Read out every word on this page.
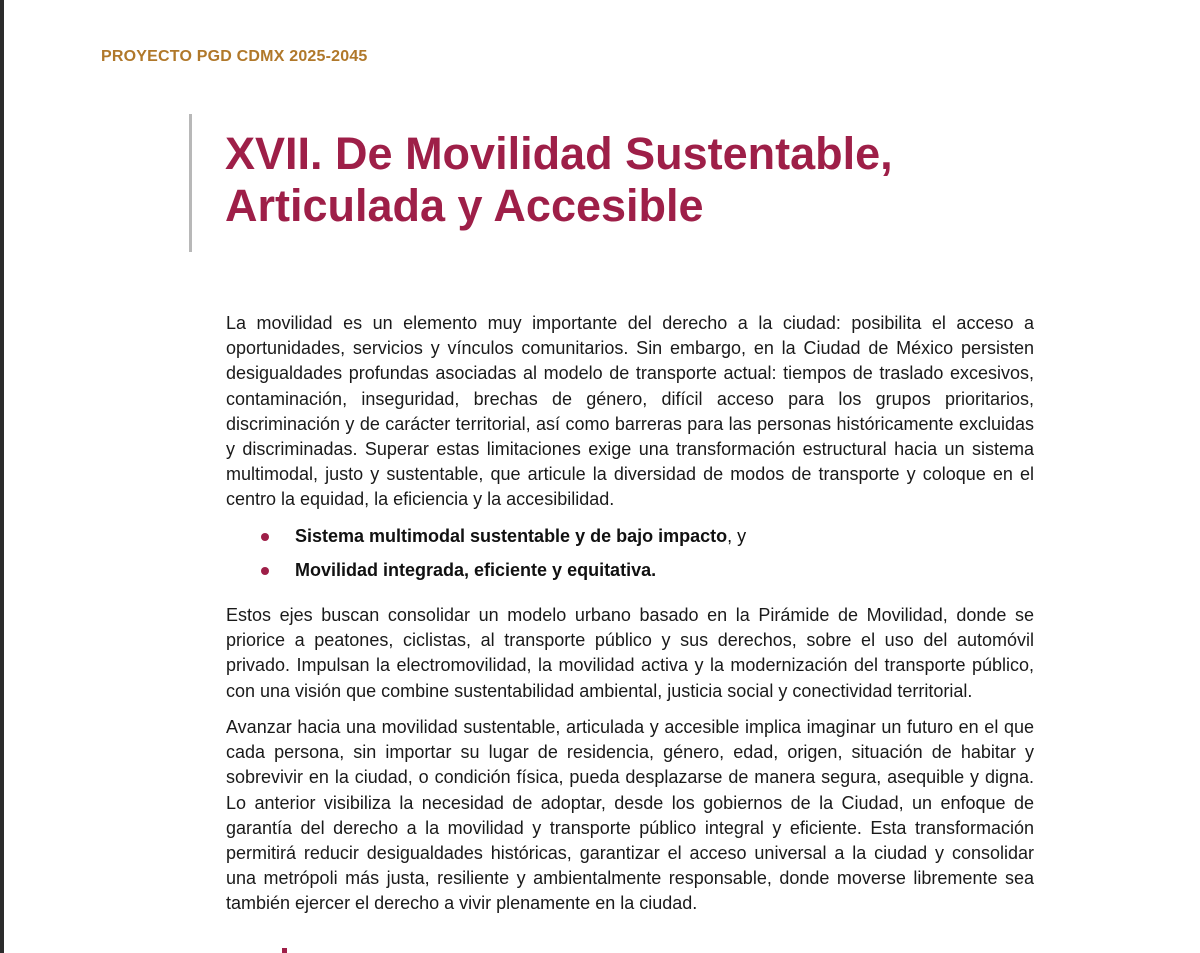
PROYECTO PGD CDMX 2025-2045
XVII. De Movilidad Sustentable,
Articulada y Accesible

La movilidad es un elemento muy importante del derecho a la ciudad: posibilita el acceso a oportunidades, servicios y vínculos comunitarios. Sin embargo, en la Ciudad de México persisten desigualdades profundas asociadas al modelo de transporte actual: tiempos de traslado excesivos, contaminación, inseguridad, brechas de género, difícil acceso para los grupos prioritarios, discriminación y de carácter territorial, así como barreras para las personas históricamente excluidas y discriminadas. Superar estas limitaciones exige una transformación estructural hacia un sistema multimodal, justo y sustentable, que articule la diversidad de modos de transporte y coloque en el centro la equidad, la eficiencia y la accesibilidad.

Sistema multimodal sustentable y de bajo impacto, y
Movilidad integrada, eficiente y equitativa.

Estos ejes buscan consolidar un modelo urbano basado en la Pirámide de Movilidad, donde se priorice a peatones, ciclistas, al transporte público y sus derechos, sobre el uso del automóvil privado. Impulsan la electromovilidad, la movilidad activa y la modernización del transporte público, con una visión que combine sustentabilidad ambiental, justicia social y conectividad territorial.

Avanzar hacia una movilidad sustentable, articulada y accesible implica imaginar un futuro en el que cada persona, sin importar su lugar de residencia, género, edad, origen, situación de habitar y sobrevivir en la ciudad, o condición física, pueda desplazarse de manera segura, asequible y digna. Lo anterior visibiliza la necesidad de adoptar, desde los gobiernos de la Ciudad, un enfoque de garantía del derecho a la movilidad y transporte público integral y eficiente. Esta transformación permitirá reducir desigualdades históricas, garantizar el acceso universal a la ciudad y consolidar una metrópoli más justa, resiliente y ambientalmente responsable, donde moverse libremente sea también ejercer el derecho a vivir plenamente en la ciudad.
